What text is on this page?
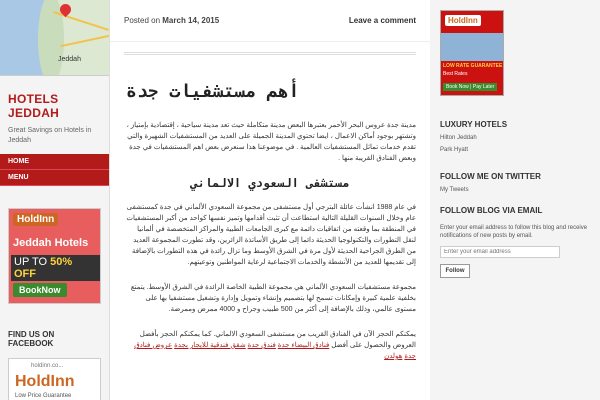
Jeddah
HOTELS JEDDAH
Great Savings on Hotels in Jeddah
HOME
MENU
HoldInn
Jeddah Hotels
UP TO 50% OFF
BookNow
FIND US ON FACEBOOK
holdinn.co...
HoldInn
Low Price Guarantee
Posted on March 14, 2015	Leave a comment
أهم مستشفيات جدة

مدينة جدة عروس البحر الأحمر بعتبرها البعض مدينة متكاملة حيث تعد مدينة سياحية ، إقتصادية بإمتياز ، وتشتهر بوجود أماكن الاعمال ، ايضا تحتوي المدينة الجميلة على العديد من المستشفيات الشهيرة والتي تقدم خدمات تماثل المستشفيات العالمية . في موضوعنا هذا سنعرض بعض اهم المستشفيات في جدة وبعض الفنادق القريبة منها .

مستشفى السعودي الالماني

في عام 1988 انشأت عائلة البترجي أول مستشفى من مجموعة السعودي الألماني في جدة كمستشفى عام وخلال السنوات القليلة التالية استطاعت أن تثبت أقدامها وتميز نفسها كواحد من أكبر المستشفيات في المنطقة بما وقعته من اتفاقيات دائمة مع كبرى الجامعات الطبية والمراكز المتخصصة في ألمانيا لنقل التطورات والتكنولوجيا الحديثة دائما إلى طريق الأساتذة الزائرين، وقد تطورت المجموعة العديد من الطرق الجراحية الحديثة لأول مرة في الشرق الأوسط وما تزال رائدة في هذه التطورات بالإضافة إلى تقديمها للعديد من الأنشطة والخدمات الاجتماعية لرعاية المواطنين وتوعيتهم.

مجموعة مستشفيات السعودي الألماني هي مجموعة الطبية الخاصة الرائدة في الشرق الأوسط. يتمتع بخلفية علمية كبيرة وإمكانات تسمح لها بتصميم وإنشاء وتمويل وإدارة وتشغيل مستشفيا بها على مستوى عالمي، وذلك بالإضافة إلى أكثر من 500 طبيب وجراح و 4000 ممرض وممرضة.

يمكنكم الحجز الآن في الفنادق القريب من مستشفى السعودي الالماني. كما يمكنكم الحجز بأفضل العروض والحصول على أفضل فنادق البيضاء جدة فندق جدة شقق فندقية للايجار بجدة عروض فنادق جدة هولدن

HoldInn
LOW RATE GUARANTEE
Best Rates
Book Now | Pay Later
LUXURY HOTELS
Hilton Jeddah
Park Hyatt
FOLLOW ME ON TWITTER
My Tweets
FOLLOW BLOG VIA EMAIL
Enter your email address to follow this blog and receive notifications of new posts by email.
Enter your email address Follow
